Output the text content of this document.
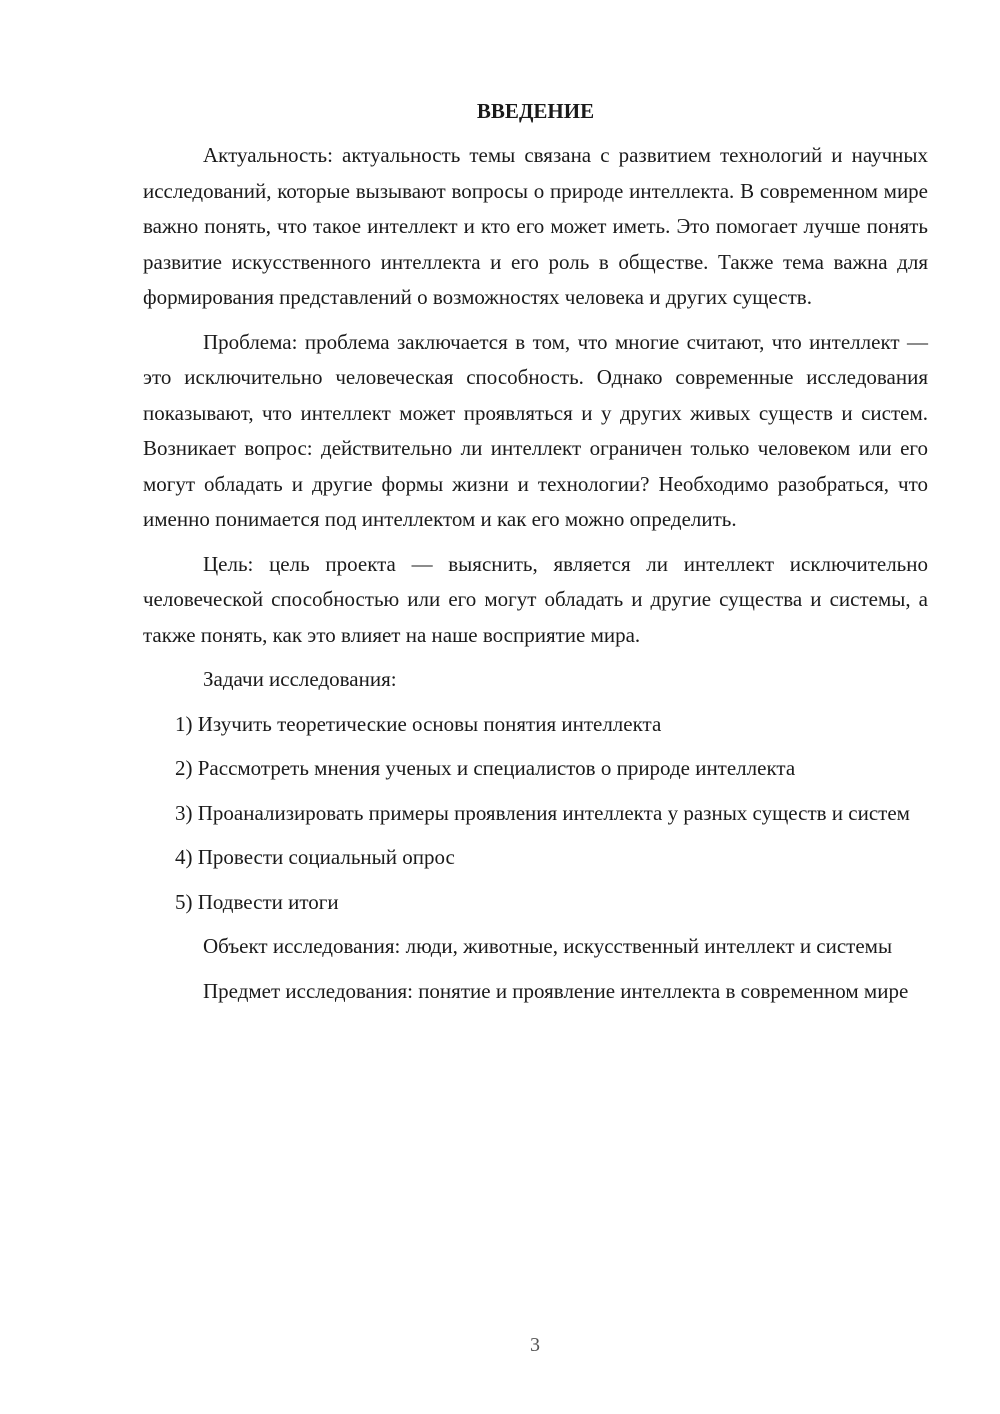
ВВЕДЕНИЕ

Актуальность: актуальность темы связана с развитием технологий и научных исследований, которые вызывают вопросы о природе интеллекта. В современном мире важно понять, что такое интеллект и кто его может иметь. Это помогает лучше понять развитие искусственного интеллекта и его роль в обществе. Также тема важна для формирования представлений о возможностях человека и других существ.

Проблема: проблема заключается в том, что многие считают, что интеллект — это исключительно человеческая способность. Однако современные исследования показывают, что интеллект может проявляться и у других живых существ и систем. Возникает вопрос: действительно ли интеллект ограничен только человеком или его могут обладать и другие формы жизни и технологии? Необходимо разобраться, что именно понимается под интеллектом и как его можно определить.

Цель: цель проекта — выяснить, является ли интеллект исключительно человеческой способностью или его могут обладать и другие существа и системы, а также понять, как это влияет на наше восприятие мира.

Задачи исследования:

1) Изучить теоретические основы понятия интеллекта

2) Рассмотреть мнения ученых и специалистов о природе интеллекта

3) Проанализировать примеры проявления интеллекта у разных существ и систем

4) Провести социальный опрос

5) Подвести итоги

Объект исследования: люди, животные, искусственный интеллект и системы

Предмет исследования: понятие и проявление интеллекта в современном мире

3
